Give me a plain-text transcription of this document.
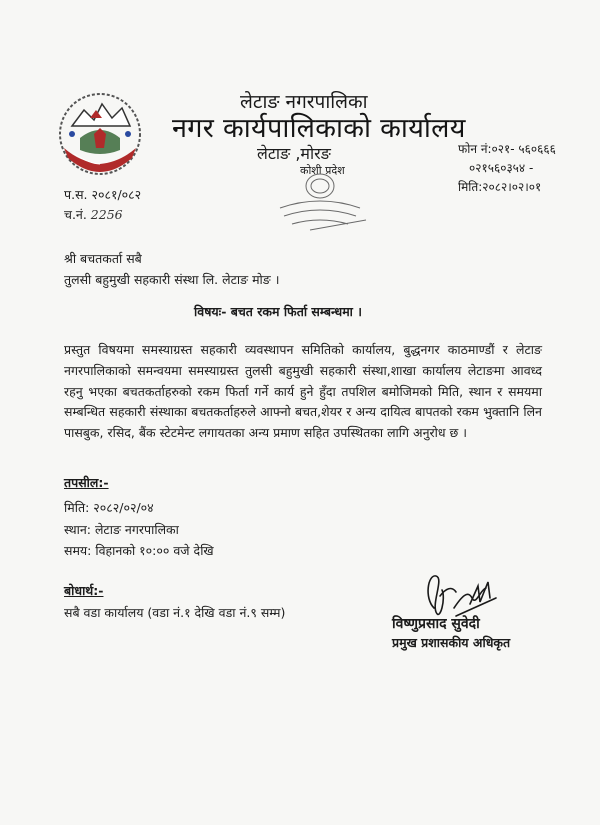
लेटाङ नगरपालिका
नगर कार्यपालिकाको कार्यालय
लेटाङ ,मोरङ
कोशी प्रदेश
फोन नं:०२१- ५६०६६६
०२१५६०३५४ -
मिति:२०८२।०२।०१
प.स. २०८१/०८२
च.नं. 2256
श्री बचतकर्ता सबै
तुलसी बहुमुखी सहकारी संस्था लि. लेटाङ मोङ ।
विषयः- बचत रकम फिर्ता सम्बन्धमा ।
प्रस्तुत विषयमा समस्याग्रस्त सहकारी व्यवस्थापन समितिको कार्यालय, बुद्धनगर काठमाण्डौं र लेटाङ नगरपालिकाको समन्वयमा समस्याग्रस्त तुलसी बहुमुखी सहकारी संस्था,शाखा कार्यालय लेटाङमा आवध्द रहनु भएका बचतकर्ताहरुको रकम फिर्ता गर्ने कार्य हुने हुँदा तपशिल बमोजिमको मिति, स्थान र समयमा सम्बन्धित सहकारी संस्थाका बचतकर्ताहरुले आफ्नो बचत,शेयर र अन्य दायित्व बापतको रकम भुक्तानि लिन पासबुक, रसिद, बैंक स्टेटमेन्ट लगायतका अन्य प्रमाण सहित उपस्थितका लागि अनुरोध छ ।
तपसील:-
मिति: २०८२/०२/०४
स्थान: लेटाङ नगरपालिका
समय: विहानको १०:०० वजे देखि
बोधार्थ:-
सबै वडा कार्यालय (वडा नं.१ देखि वडा नं.९ सम्म)
विष्णुप्रसाद सुवेदी
प्रमुख प्रशासकीय अधिकृत
